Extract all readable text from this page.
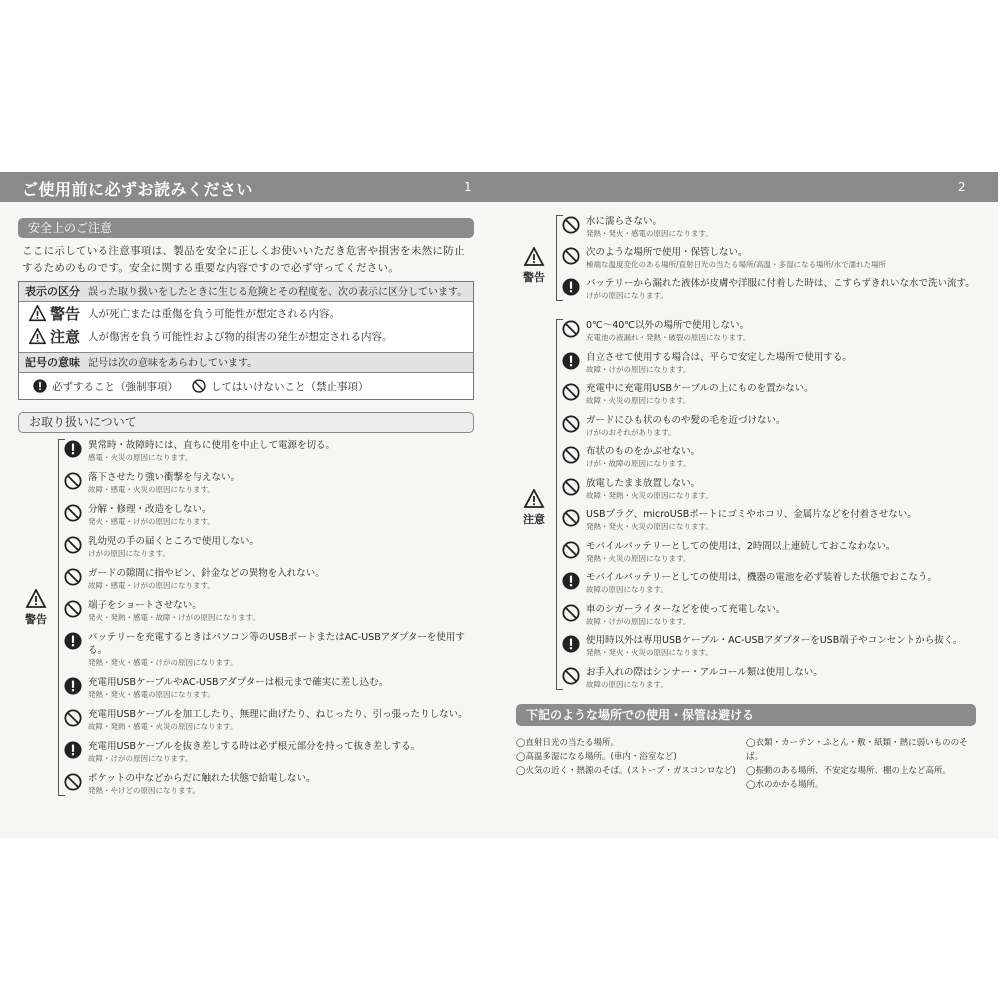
ご使用前に必ずお読みください	1	2
安全上のご注意
ここに示している注意事項は、製品を安全に正しくお使いいただき危害や損害を未然に防止するためのものです。安全に関する重要な内容ですので必ず守ってください。
表示の区分 誤った取り扱いをしたときに生じる危険とその程度を、次の表示に区分しています。
警告 人が死亡または重傷を負う可能性が想定される内容。
注意 人が傷害を負う可能性および物的損害の発生が想定される内容。
記号の意味 記号は次の意味をあらわしています。
必ずすること（強制事項）	してはいけないこと（禁止事項）
お取り扱いについて
警告
異常時・故障時には、直ちに使用を中止して電源を切る。
感電・火災の原因になります。
落下させたり強い衝撃を与えない。
故障・感電・火災の原因になります。
分解・修理・改造をしない。
発火・感電・けがの原因になります。
乳幼児の手の届くところで使用しない。
けがの原因になります。
ガードの隙間に指やピン、針金などの異物を入れない。
故障・感電・けがの原因になります。
端子をショートさせない。
発火・発熱・感電・故障・けがの原因になります。
バッテリーを充電するときはパソコン等のUSBポートまたはAC-USBアダプターを使用する。
発熱・発火・感電・けがの原因になります。
充電用USBケーブルやAC-USBアダプターは根元まで確実に差し込む。
発熱・発火・感電の原因になります。
充電用USBケーブルを加工したり、無理に曲げたり、ねじったり、引っ張ったりしない。
故障・発熱・感電・火災の原因になります。
充電用USBケーブルを抜き差しする時は必ず根元部分を持って抜き差しする。
故障・けがの原因になります。
ポケットの中などからだに触れた状態で給電しない。
発熱・やけどの原因になります。
警告
水に濡らさない。
発熱・発火・感電の原因になります。
次のような場所で使用・保管しない。
極端な温度変化のある場所/直射日光の当たる場所/高温・多湿になる場所/水で濡れた場所
バッテリーから漏れた液体が皮膚や洋服に付着した時は、こすらずきれいな水で洗い流す。
けがの原因になります。
注意
0℃～40℃以外の場所で使用しない。
充電池の液漏れ・発熱・破裂の原因になります。
自立させて使用する場合は、平らで安定した場所で使用する。
故障・けがの原因になります。
充電中に充電用USBケーブルの上にものを置かない。
故障・火災の原因になります。
ガードにひも状のものや髪の毛を近づけない。
けがのおそれがあります。
布状のものをかぶせない。
けが・故障の原因になります。
放電したまま放置しない。
故障・発熱・火災の原因になります。
USBプラグ、microUSBポートにゴミやホコリ、金属片などを付着させない。
発熱・発火・火災の原因になります。
モバイルバッテリーとしての使用は、2時間以上連続しておこなわない。
発熱・火災の原因になります。
モバイルバッテリーとしての使用は、機器の電池を必ず装着した状態でおこなう。
故障の原因になります。
車のシガーライターなどを使って充電しない。
故障・けがの原因になります。
使用時以外は専用USBケーブル・AC-USBアダプターをUSB端子やコンセントから抜く。
発熱・発火・火災の原因になります。
お手入れの際はシンナー・アルコール類は使用しない。
故障の原因になります。
下記のような場所での使用・保管は避ける
◯直射日光の当たる場所。
◯高温多湿になる場所。(車内・浴室など)
◯火気の近く・熱源のそば。(ストーブ・ガスコンロなど)
◯衣類・カーテン・ふとん・敷・紙類・熱に弱いもののそば。
◯振動のある場所、不安定な場所、棚の上など高所。
◯水のかかる場所。
